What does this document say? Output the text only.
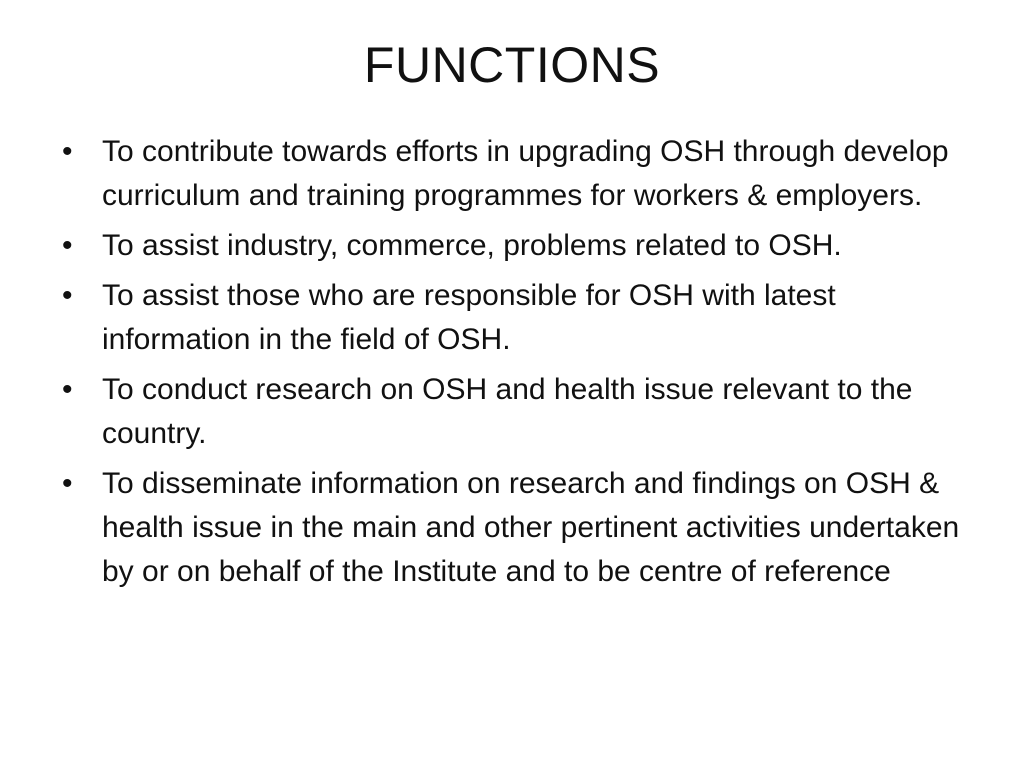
FUNCTIONS
• To contribute towards efforts in upgrading OSH through develop curriculum and training programmes for workers & employers.
• To assist industry, commerce, problems related to OSH.
• To assist those who are responsible for OSH with latest information in the field of OSH.
• To conduct research on OSH and health issue relevant to the country.
• To disseminate information on research and findings on OSH & health issue in the main and other pertinent activities undertaken by or on behalf of the Institute and to be centre of reference
